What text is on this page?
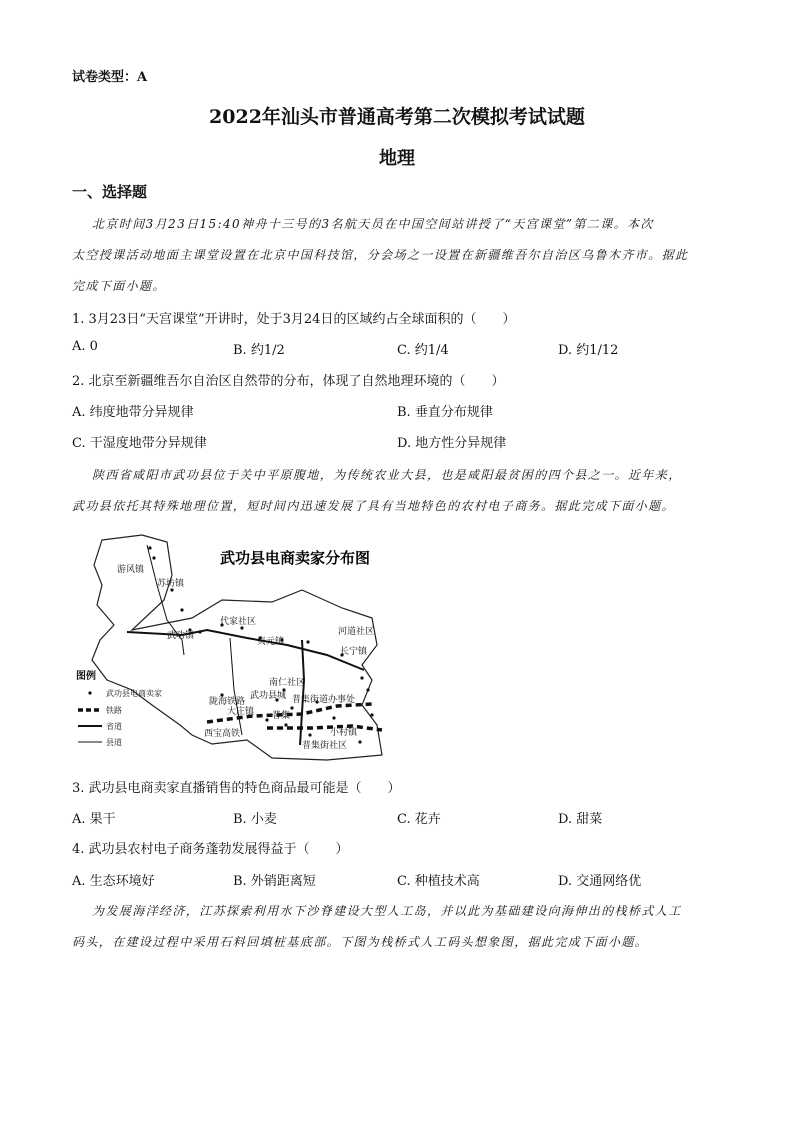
试卷类型：A
2022年汕头市普通高考第二次模拟考试试题
地理
一、选择题
北京时间3月23日15:40神舟十三号的3名航天员在中国空间站讲授了“天宫课堂”第二课。本次
太空授课活动地面主课堂设置在北京中国科技馆，分会场之一设置在新疆维吾尔自治区乌鲁木齐市。据此
完成下面小题。
1. 3月23日“天宫课堂”开讲时，处于3月24日的区域约占全球面积的（　　）
A. 0	B. 约1/2	C. 约1/4	D. 约1/12
2. 北京至新疆维吾尔自治区自然带的分布，体现了自然地理环境的（　　）
A. 纬度地带分异规律	B. 垂直分布规律
C. 干湿度地带分异规律	D. 地方性分异规律
陕西省咸阳市武功县位于关中平原腹地，为传统农业大县，也是咸阳最贫困的四个县之一。近年来，
武功县依托其特殊地理位置，短时间内迅速发展了具有当地特色的农村电子商务。据此完成下面小题。
武功县电商卖家分布图
游风镇
苏坊镇
武功镇
代家社区
贞元镇
河道社区
长宁镇
南仁社区
武功县城 普集街道办事处
普集
大庄镇
陇海铁路
西宝高铁	小村镇
普集街社区
图例
武功县电商卖家
铁路
省道
县道
3. 武功县电商卖家直播销售的特色商品最可能是（　　）
A. 果干	B. 小麦	C. 花卉	D. 甜菜
4. 武功县农村电子商务蓬勃发展得益于（　　）
A. 生态环境好	B. 外销距离短	C. 种植技术高	D. 交通网络优
为发展海洋经济，江苏探索利用水下沙脊建设大型人工岛，并以此为基础建设向海伸出的栈桥式人工
码头，在建设过程中采用石料回填桩基底部。下图为栈桥式人工码头想象图，据此完成下面小题。
